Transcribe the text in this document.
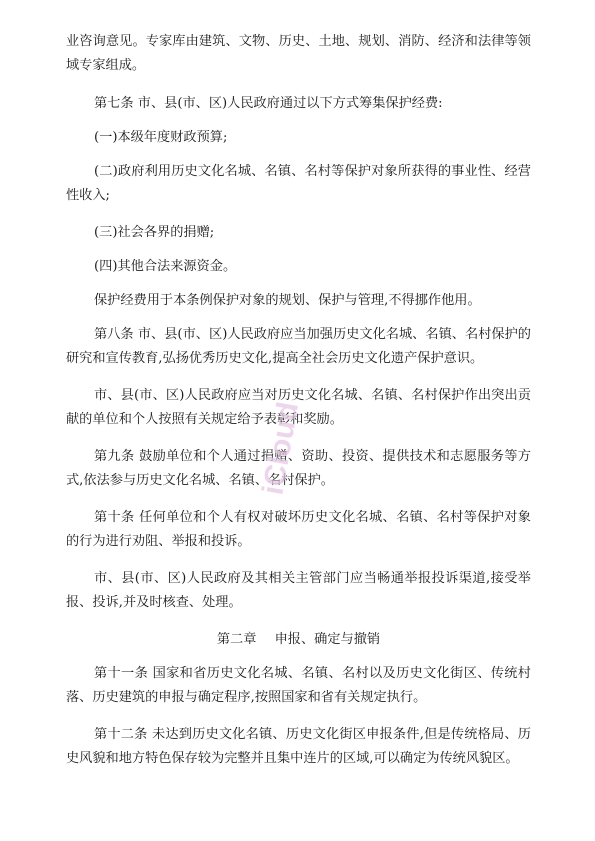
业咨询意见。专家库由建筑、文物、历史、土地、规划、消防、经济和法律等领域专家组成。

第七条 市、县(市、区)人民政府通过以下方式筹集保护经费:

(一)本级年度财政预算;

(二)政府利用历史文化名城、名镇、名村等保护对象所获得的事业性、经营性收入;

(三)社会各界的捐赠;

(四)其他合法来源资金。

保护经费用于本条例保护对象的规划、保护与管理,不得挪作他用。

第八条 市、县(市、区)人民政府应当加强历史文化名城、名镇、名村保护的研究和宣传教育,弘扬优秀历史文化,提高全社会历史文化遗产保护意识。

市、县(市、区)人民政府应当对历史文化名城、名镇、名村保护作出突出贡献的单位和个人按照有关规定给予表彰和奖励。

第九条 鼓励单位和个人通过捐赠、资助、投资、提供技术和志愿服务等方式,依法参与历史文化名城、名镇、名村保护。

第十条 任何单位和个人有权对破坏历史文化名城、名镇、名村等保护对象的行为进行劝阻、举报和投诉。

市、县(市、区)人民政府及其相关主管部门应当畅通举报投诉渠道,接受举报、投诉,并及时核查、处理。

第二章 申报、确定与撤销

第十一条 国家和省历史文化名城、名镇、名村以及历史文化街区、传统村落、历史建筑的申报与确定程序,按照国家和省有关规定执行。

第十二条 未达到历史文化名镇、历史文化街区申报条件,但是传统格局、历史风貌和地方特色保存较为完整并且集中连片的区域,可以确定为传统风貌区。

iCloud
